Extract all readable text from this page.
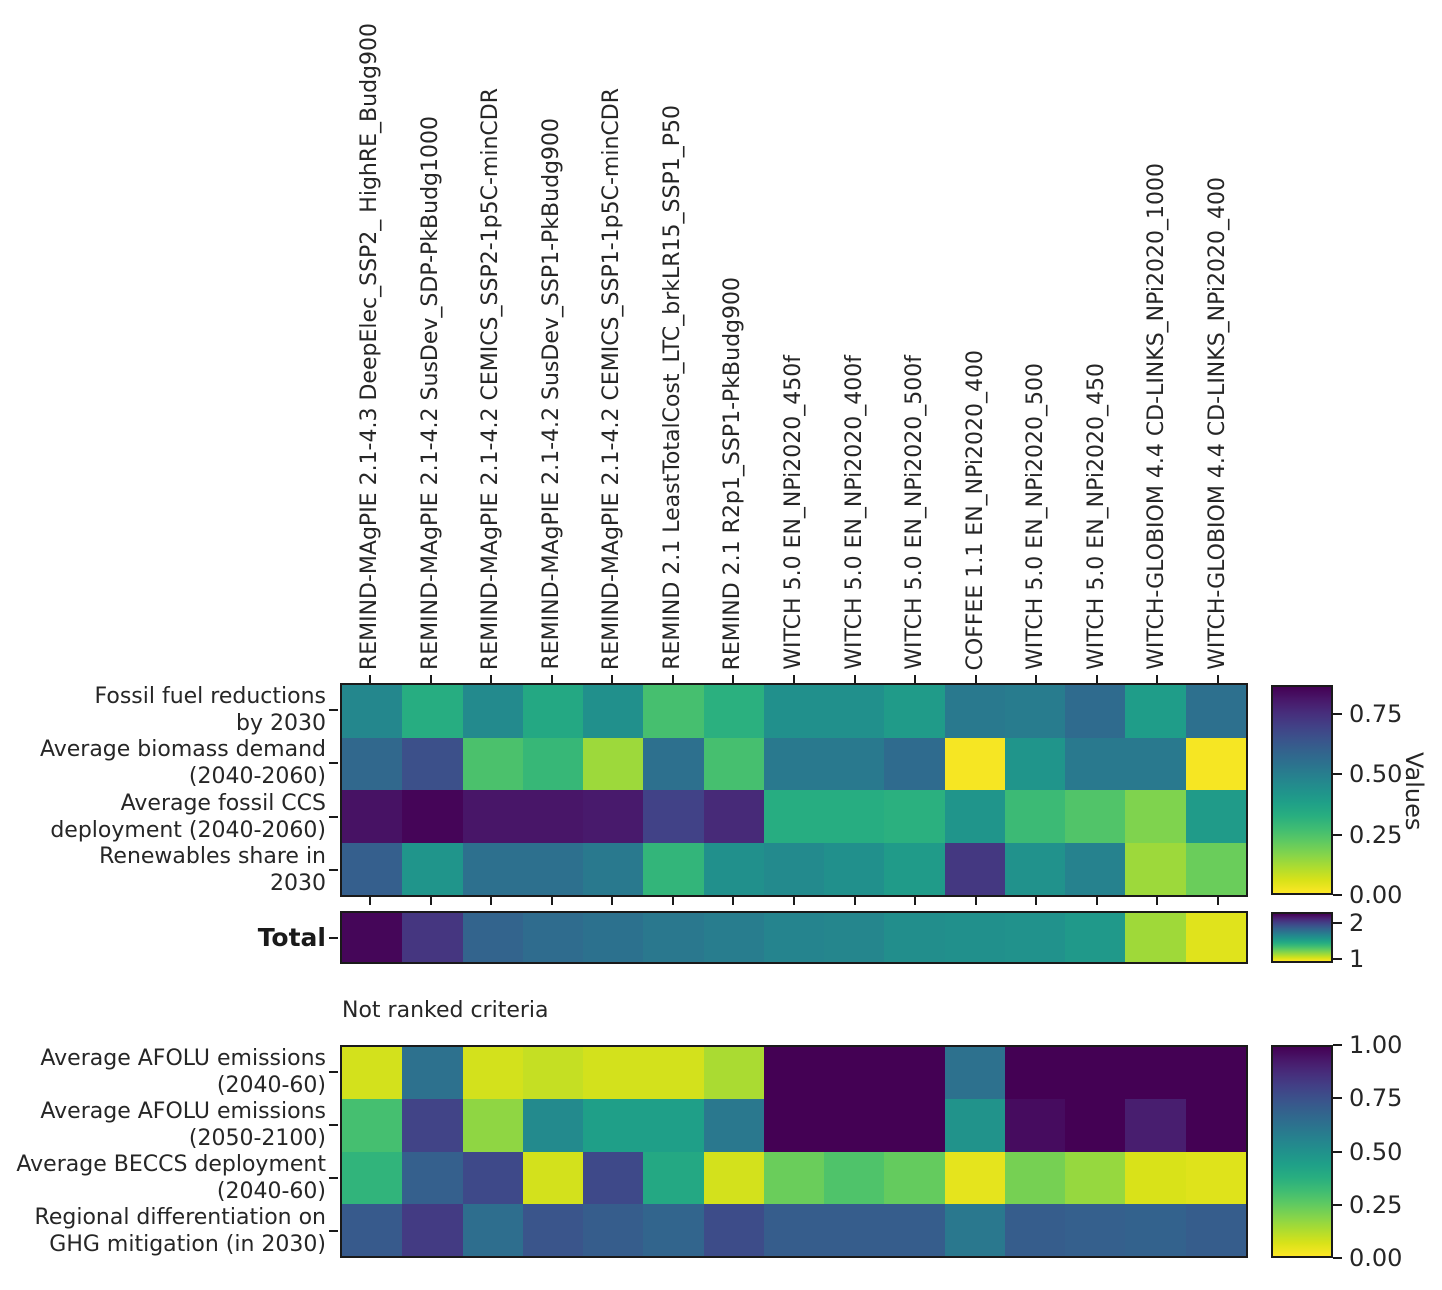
REMIND-MAgPIE 2.1-4.3 DeepElec_SSP2_ HighRE_Budg900 REMIND-MAgPIE 2.1-4.2 SusDev_SDP-PkBudg1000 REMIND-MAgPIE 2.1-4.2 CEMICS_SSP2-1p5C-minCDR REMIND-MAgPIE 2.1-4.2 SusDev_SSP1-PkBudg900 REMIND-MAgPIE 2.1-4.2 CEMICS_SSP1-1p5C-minCDR REMIND 2.1 LeastTotalCost_LTC_brkLR15_SSP1_P50 REMIND 2.1 R2p1_SSP1-PkBudg900 WITCH 5.0 EN_NPi2020_450f WITCH 5.0 EN_NPi2020_400f WITCH 5.0 EN_NPi2020_500f COFFEE 1.1 EN_NPi2020_400 WITCH 5.0 EN_NPi2020_500 WITCH 5.0 EN_NPi2020_450 WITCH-GLOBIOM 4.4 CD-LINKS_NPi2020_1000 WITCH-GLOBIOM 4.4 CD-LINKS_NPi2020_400
Fossil fuel reductions
by 2030
Average biomass demand
(2040-2060)
Average fossil CCS
deployment (2040-2060)
Renewables share in
2030
Total
Average AFOLU emissions
(2040-60)
Average AFOLU emissions
(2050-2100)
Average BECCS deployment
(2040-60)
Regional differentiation on
GHG mitigation (in 2030)
0.75
0.50
0.25
0.00
2
1
1.00
0.75
0.50
0.25
0.00
Not ranked criteria
Values
